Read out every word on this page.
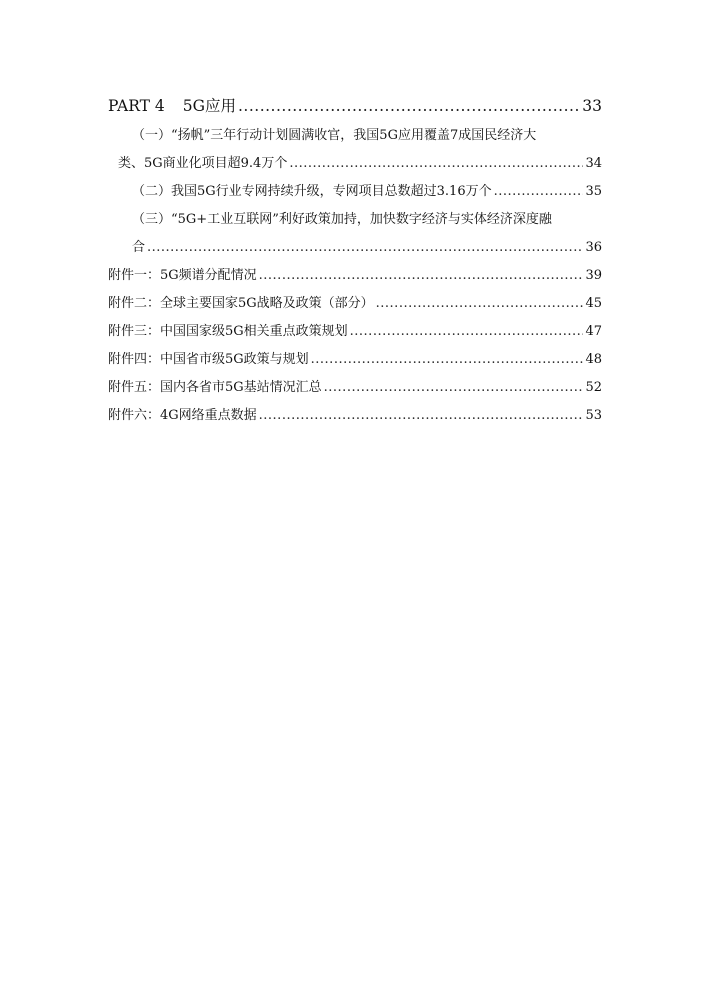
PART 4 5G应用 .....	33
（一）“扬帆”三年行动计划圆满收官，我国5G应用覆盖7成国民经济大
类、5G商业化项目超9.4万个 .....	34
（二）我国5G行业专网持续升级，专网项目总数超过3.16万个 .....	35
（三）“5G+工业互联网”利好政策加持，加快数字经济与实体经济深度融
合 .....	36
附件一：5G频谱分配情况 .....	39
附件二：全球主要国家5G战略及政策（部分） .....	45
附件三：中国国家级5G相关重点政策规划 .....	47
附件四：中国省市级5G政策与规划 .....	48
附件五：国内各省市5G基站情况汇总 .....	52
附件六：4G网络重点数据 .....	53
